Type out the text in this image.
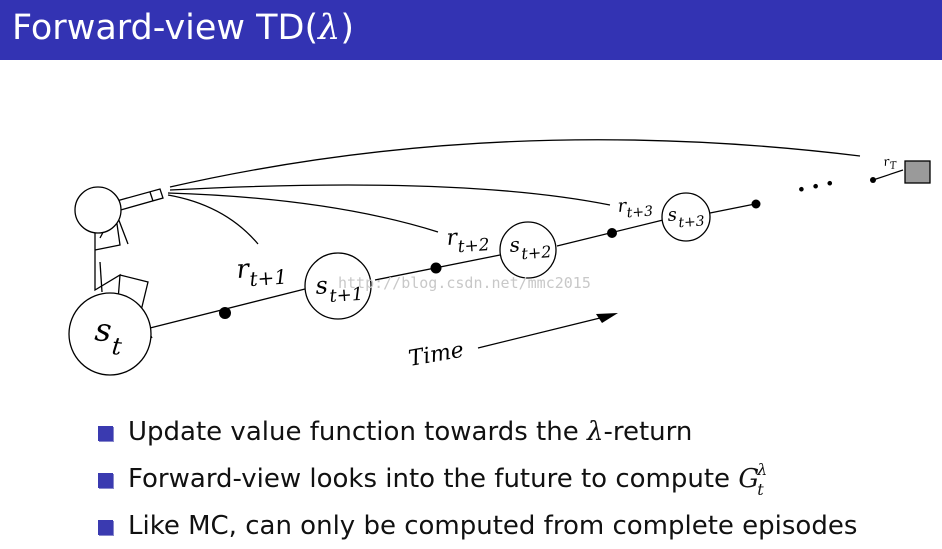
Forward-view TD(λ)
• • •
$s_t$
$s_{t+1}$
$s_{t+2}$
$s_{t+3}$
$r_{t+1}$
$r_{t+2}$
$r_{t+3}$
$r_T$
Time
http://blog.csdn.net/mmc2015
Update value function towards the λ-return
Forward-view looks into the future to compute $G^\lambda_t$
Like MC, can only be computed from complete episodes
